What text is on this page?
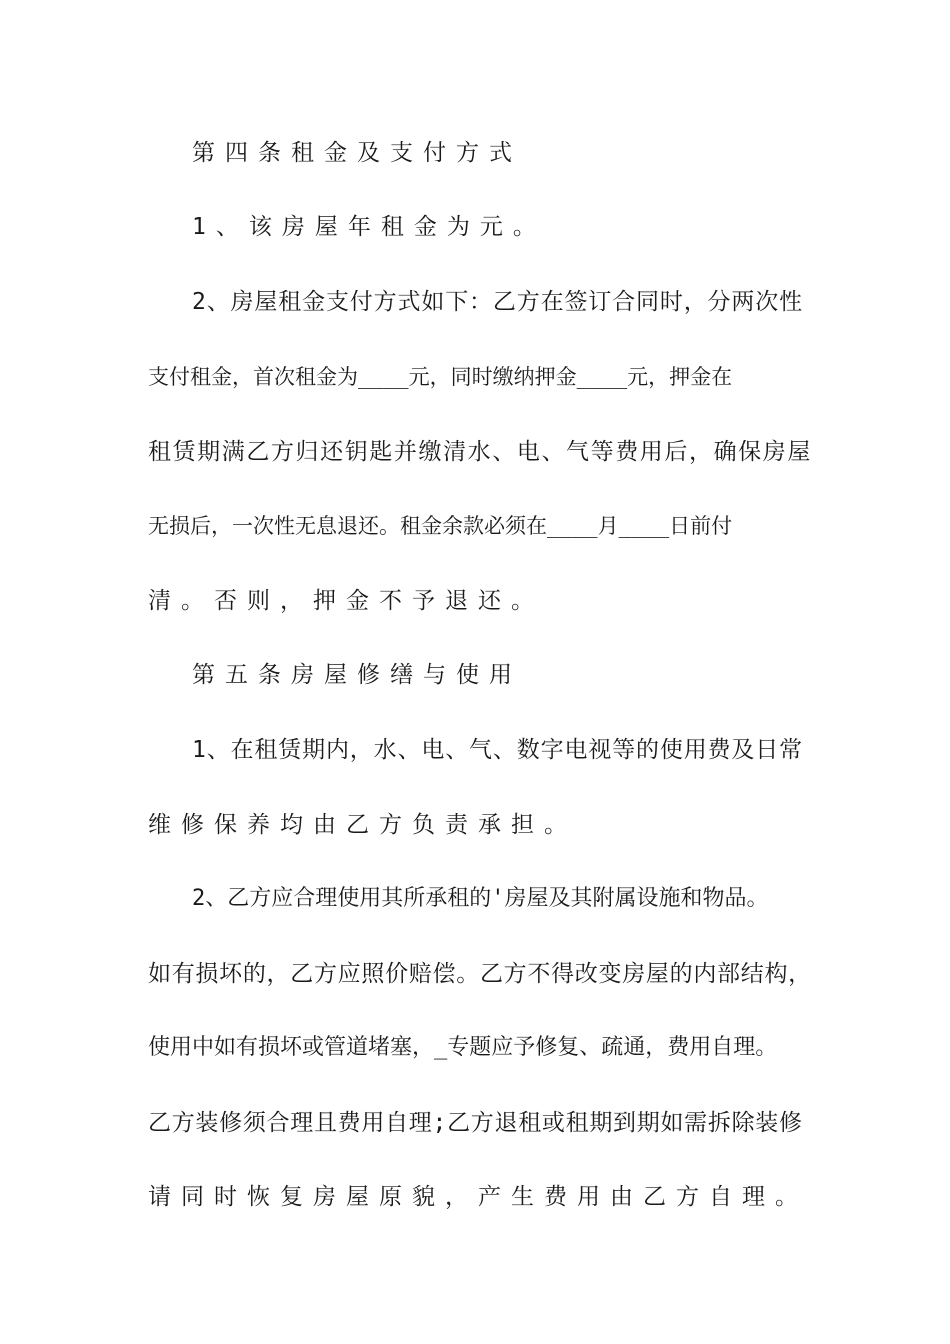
第四条租金及支付方式
1、该房屋年租金为元。
2、房屋租金支付方式如下：乙方在签订合同时，分两次性
支付租金，首次租金为____元，同时缴纳押金____元，押金在
租赁期满乙方归还钥匙并缴清水、电、气等费用后，确保房屋
无损后，一次性无息退还。租金余款必须在____月____日前付
清。否则，押金不予退还。
第五条房屋修缮与使用
1、在租赁期内，水、电、气、数字电视等的使用费及日常
维修保养均由乙方负责承担。
2、乙方应合理使用其所承租的'房屋及其附属设施和物品。
如有损坏的，乙方应照价赔偿。乙方不得改变房屋的内部结构，
使用中如有损坏或管道堵塞，_专题应予修复、疏通，费用自理。
乙方装修须合理且费用自理;乙方退租或租期到期如需拆除装修
请同时恢复房屋原貌，产生费用由乙方自理。
